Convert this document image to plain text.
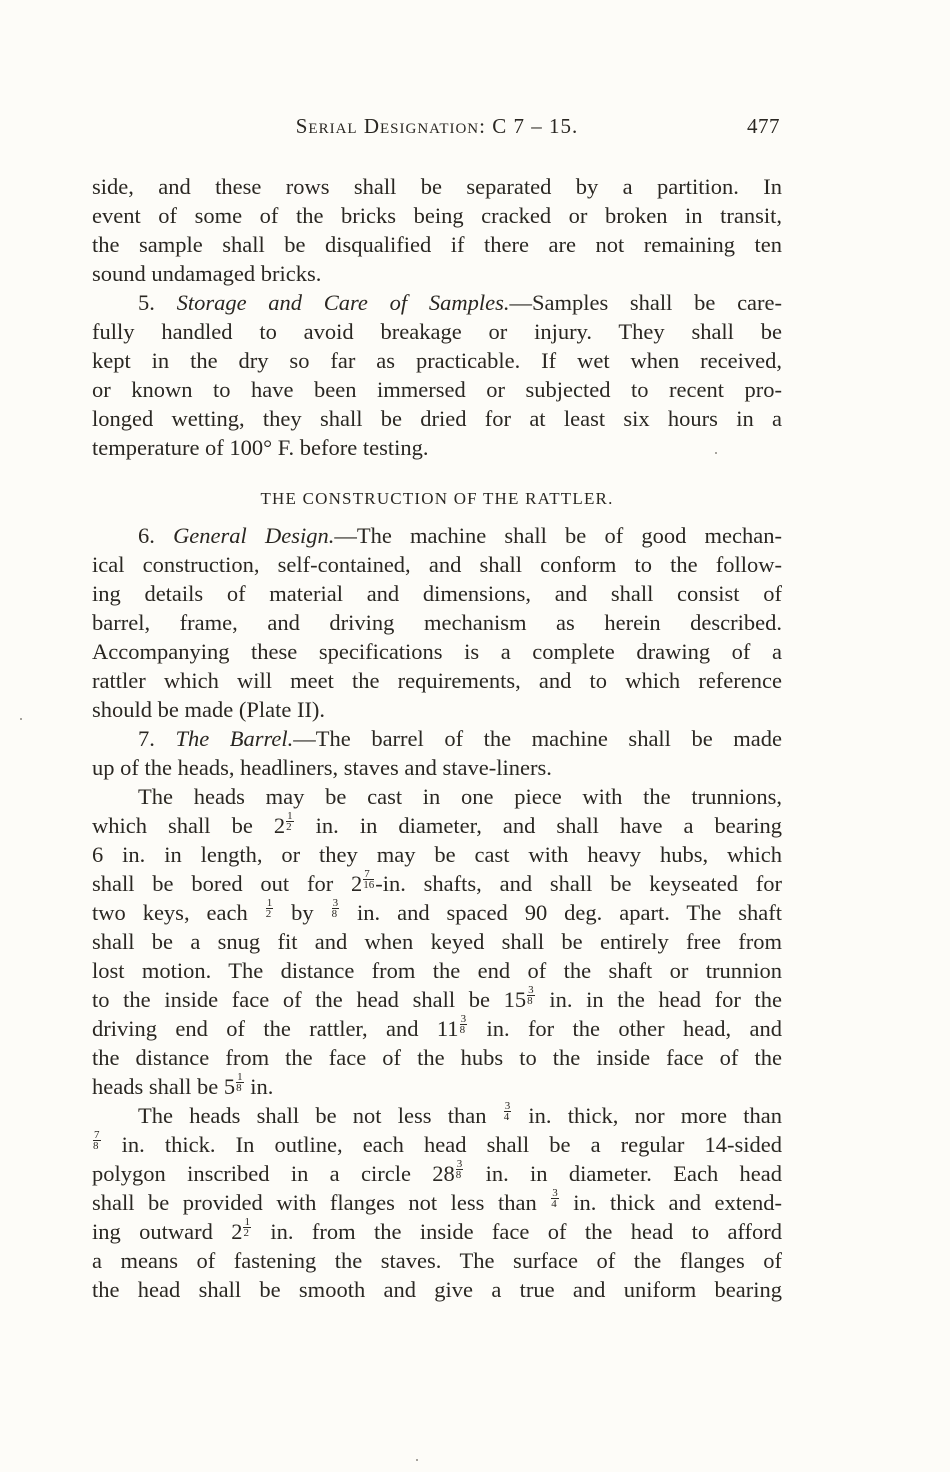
Serial Designation: C 7 – 15.	477
side, and these rows shall be separated by a partition. In
event of some of the bricks being cracked or broken in transit,
the sample shall be disqualified if there are not remaining ten
sound undamaged bricks.
5. Storage and Care of Samples.—Samples shall be care-
fully handled to avoid breakage or injury. They shall be
kept in the dry so far as practicable. If wet when received,
or known to have been immersed or subjected to recent pro-
longed wetting, they shall be dried for at least six hours in a
temperature of 100° F. before testing.
THE CONSTRUCTION OF THE RATTLER.
6. General Design.—The machine shall be of good mechan-
ical construction, self-contained, and shall conform to the follow-
ing details of material and dimensions, and shall consist of
barrel, frame, and driving mechanism as herein described.
Accompanying these specifications is a complete drawing of a
rattler which will meet the requirements, and to which reference
should be made (Plate II).
7. The Barrel.—The barrel of the machine shall be made
up of the heads, headliners, staves and stave-liners.
The heads may be cast in one piece with the trunnions,
which shall be $2 \frac{1}{2}$ in. in diameter, and shall have a bearing
6 in. in length, or they may be cast with heavy hubs, which
shall be bored out for $2 \frac{7}{16} -in$. shafts, and shall be keyseated for
two keys, each $\frac{1}{2}$ by $\frac{3}{8}$ in. and spaced 90 deg. apart. The shaft
shall be a snug fit and when keyed shall be entirely free from
lost motion. The distance from the end of the shaft or trunnion
to the inside face of the head shall be $15 \frac{3}{8}$ in. in the head for the
driving end of the rattler, and $11 \frac{3}{8}$ in. for the other head, and
the distance from the face of the hubs to the inside face of the
heads shall be $5 \frac{1}{8}$ in.
The heads shall be not less than $\frac{3}{4}$ in. thick, nor more than
$\frac{7}{8}$ in. thick. In outline, each head shall be a regular 14-sided
polygon inscribed in a circle $28 \frac{3}{8}$ in. in diameter. Each head
shall be provided with flanges not less than $\frac{3}{4}$ in. thick and extend-
ing outward $2 \frac{1}{2}$ in. from the inside face of the head to afford
a means of fastening the staves. The surface of the flanges of
the head shall be smooth and give a true and uniform bearing
